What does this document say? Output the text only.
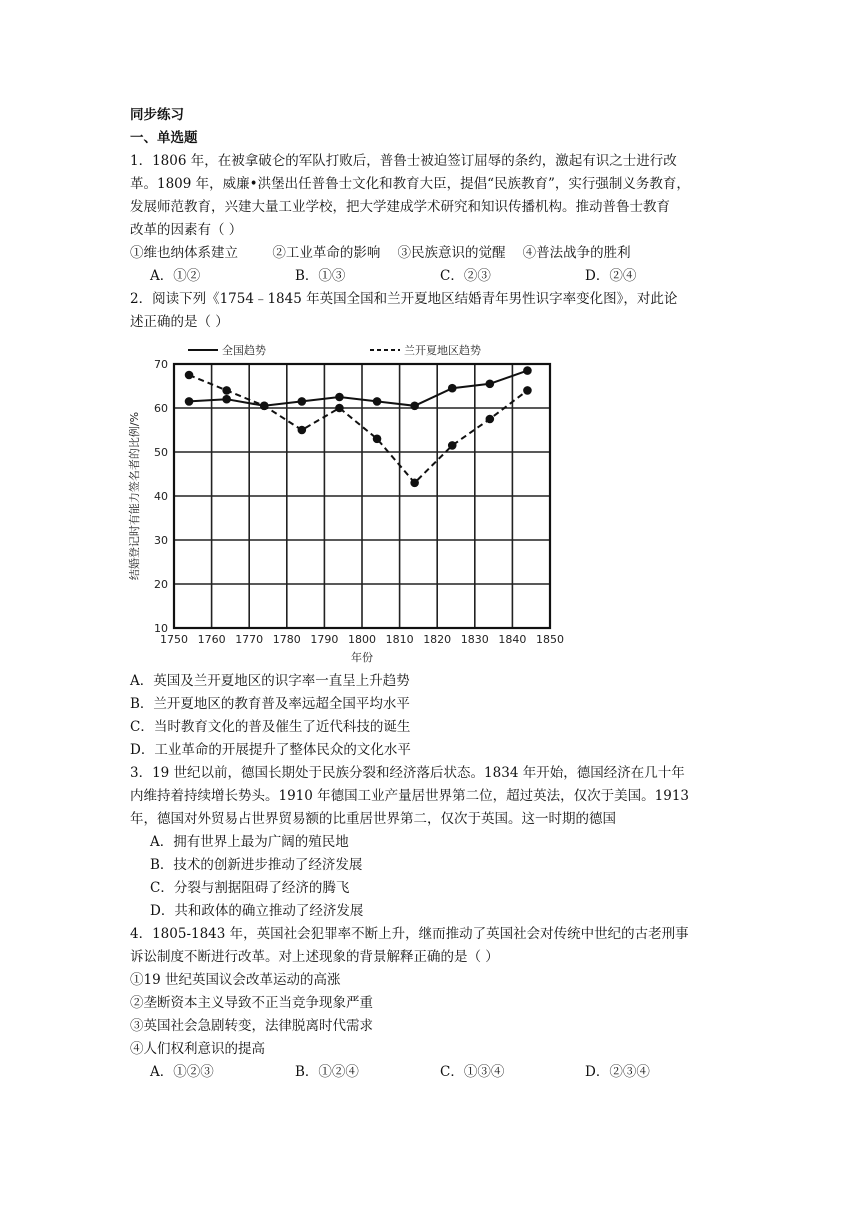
同步练习
一、单选题
1．1806 年，在被拿破仑的军队打败后，普鲁士被迫签订屈辱的条约，激起有识之士进行改
革。1809 年，威廉•洪堡出任普鲁士文化和教育大臣，提倡“民族教育”，实行强制义务教育，
发展师范教育，兴建大量工业学校，把大学建成学术研究和知识传播机构。推动普鲁士教育
改革的因素有（ ）
①维也纳体系建立        ②工业革命的影响    ③民族意识的觉醒    ④普法战争的胜利
A．①②	B．①③	C．②③	D．②④
2．阅读下列《1754﹣1845 年英国全国和兰开夏地区结婚青年男性识字率变化图》，对此论
述正确的是（ ）
1750 1760 1770 1780 1790 1800 1810 1820 1830 1840 1850
10
20
30
40
50
60
70
年份
结婚登记时有能力签名者的比例/%
全国趋势	兰开夏地区趋势
A．英国及兰开夏地区的识字率一直呈上升趋势
B．兰开夏地区的教育普及率远超全国平均水平
C．当时教育文化的普及催生了近代科技的诞生
D．工业革命的开展提升了整体民众的文化水平
3．19 世纪以前，德国长期处于民族分裂和经济落后状态。1834 年开始，德国经济在几十年
内维持着持续增长势头。1910 年德国工业产量居世界第二位，超过英法，仅次于美国。1913
年，德国对外贸易占世界贸易额的比重居世界第二，仅次于英国。这一时期的德国
A．拥有世界上最为广阔的殖民地
B．技术的创新进步推动了经济发展
C．分裂与割据阻碍了经济的腾飞
D．共和政体的确立推动了经济发展
4．1805-1843 年，英国社会犯罪率不断上升，继而推动了英国社会对传统中世纪的古老刑事
诉讼制度不断进行改革。对上述现象的背景解释正确的是（ ）
①19 世纪英国议会改革运动的高涨
②垄断资本主义导致不正当竞争现象严重
③英国社会急剧转变，法律脱离时代需求
④人们权利意识的提高
A．①②③	B．①②④	C．①③④	D．②③④
